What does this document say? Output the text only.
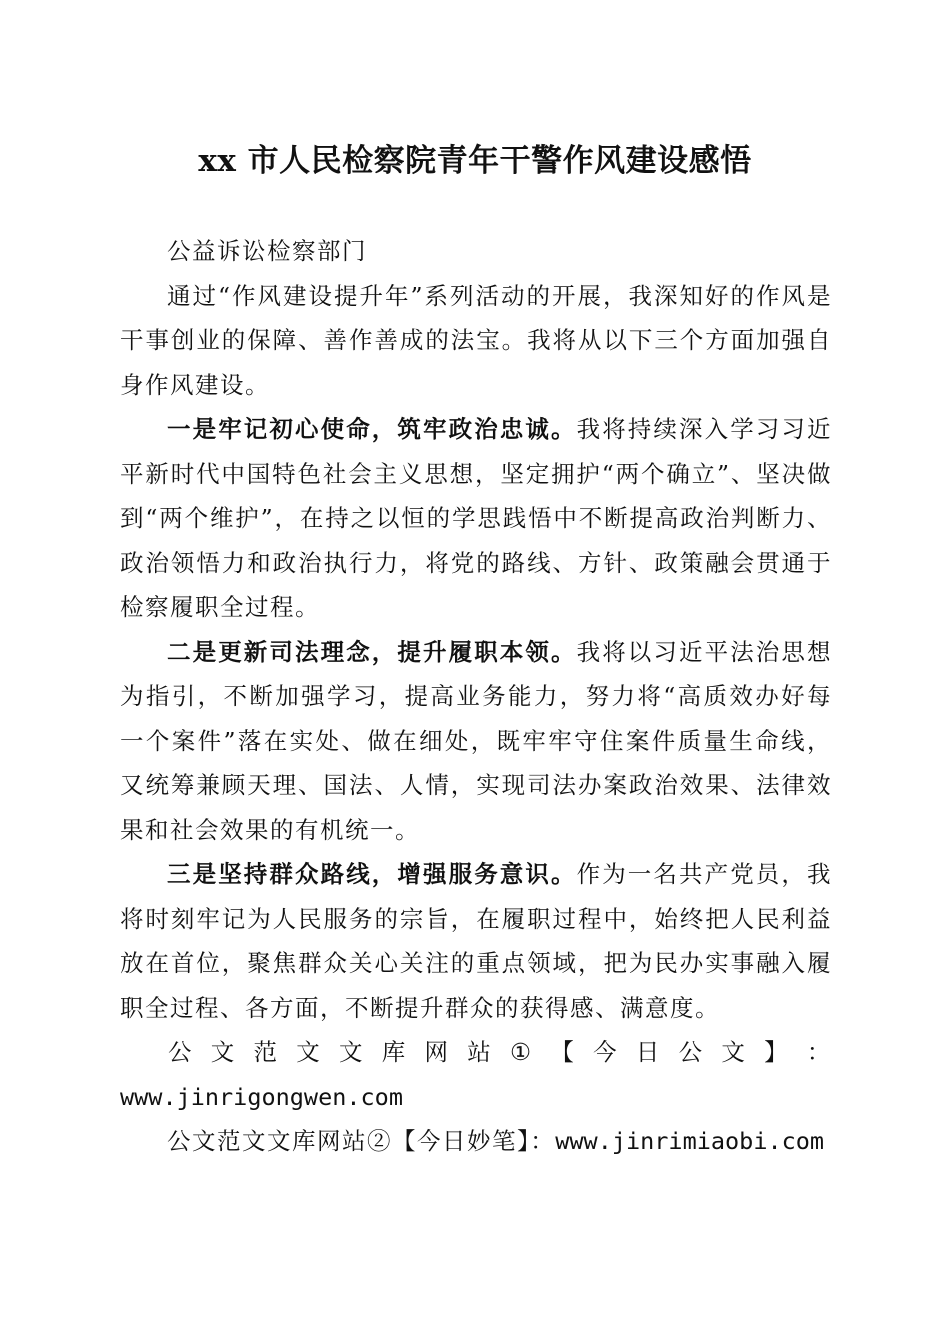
xx 市人民检察院青年干警作风建设感悟

公益诉讼检察部门

通过“作风建设提升年”系列活动的开展，我深知好的作风是干事创业的保障、善作善成的法宝。我将从以下三个方面加强自身作风建设。

一是牢记初心使命，筑牢政治忠诚。我将持续深入学习习近平新时代中国特色社会主义思想，坚定拥护“两个确立”、坚决做到“两个维护”，在持之以恒的学思践悟中不断提高政治判断力、政治领悟力和政治执行力，将党的路线、方针、政策融会贯通于检察履职全过程。

二是更新司法理念，提升履职本领。我将以习近平法治思想为指引，不断加强学习，提高业务能力，努力将“高质效办好每一个案件”落在实处、做在细处，既牢牢守住案件质量生命线，又统筹兼顾天理、国法、人情，实现司法办案政治效果、法律效果和社会效果的有机统一。

三是坚持群众路线，增强服务意识。作为一名共产党员，我将时刻牢记为人民服务的宗旨，在履职过程中，始终把人民利益放在首位，聚焦群众关心关注的重点领域，把为民办实事融入履职全过程、各方面，不断提升群众的获得感、满意度。

公 文 范 文 文 库 网 站 ① 【 今 日 公 文 】 ：
www.jinrigongwen.com

公文范文文库网站②【今日妙笔】：www.jinrimiaobi.com
